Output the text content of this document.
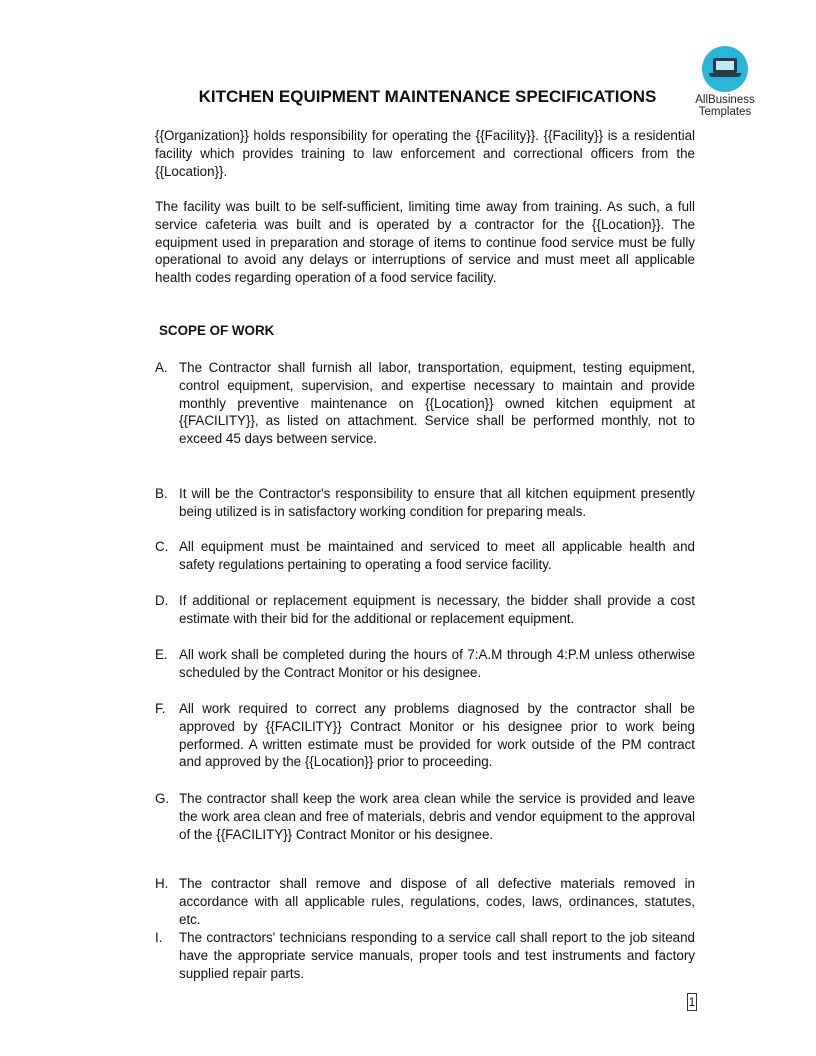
AllBusiness
Templates
KITCHEN EQUIPMENT MAINTENANCE SPECIFICATIONS

{{Organization}} holds responsibility for operating the {{Facility}}. {{Facility}} is a residential facility which provides training to law enforcement and correctional officers from the {{Location}}.

The facility was built to be self-sufficient, limiting time away from training. As such, a full service cafeteria was built and is operated by a contractor for the {{Location}}. The equipment used in preparation and storage of items to continue food service must be fully operational to avoid any delays or interruptions of service and must meet all applicable health codes regarding operation of a food service facility.

SCOPE OF WORK
A. The Contractor shall furnish all labor, transportation, equipment, testing equipment, control equipment, supervision, and expertise necessary to maintain and provide monthly preventive maintenance on {{Location}} owned kitchen equipment at {{FACILITY}}, as listed on attachment. Service shall be performed monthly, not to exceed 45 days between service.
B. It will be the Contractor's responsibility to ensure that all kitchen equipment presently being utilized is in satisfactory working condition for preparing meals.
C. All equipment must be maintained and serviced to meet all applicable health and safety regulations pertaining to operating a food service facility.
D. If additional or replacement equipment is necessary, the bidder shall provide a cost estimate with their bid for the additional or replacement equipment.
E. All work shall be completed during the hours of 7:A.M through 4:P.M unless otherwise scheduled by the Contract Monitor or his designee.
F. All work required to correct any problems diagnosed by the contractor shall be approved by {{FACILITY}} Contract Monitor or his designee prior to work being performed. A written estimate must be provided for work outside of the PM contract and approved by the {{Location}} prior to proceeding.
G. The contractor shall keep the work area clean while the service is provided and leave the work area clean and free of materials, debris and vendor equipment to the approval of the {{FACILITY}} Contract Monitor or his designee.
H. The contractor shall remove and dispose of all defective materials removed in accordance with all applicable rules, regulations, codes, laws, ordinances, statutes, etc.
I. The contractors' technicians responding to a service call shall report to the job siteand have the appropriate service manuals, proper tools and test instruments and factory supplied repair parts.
1
